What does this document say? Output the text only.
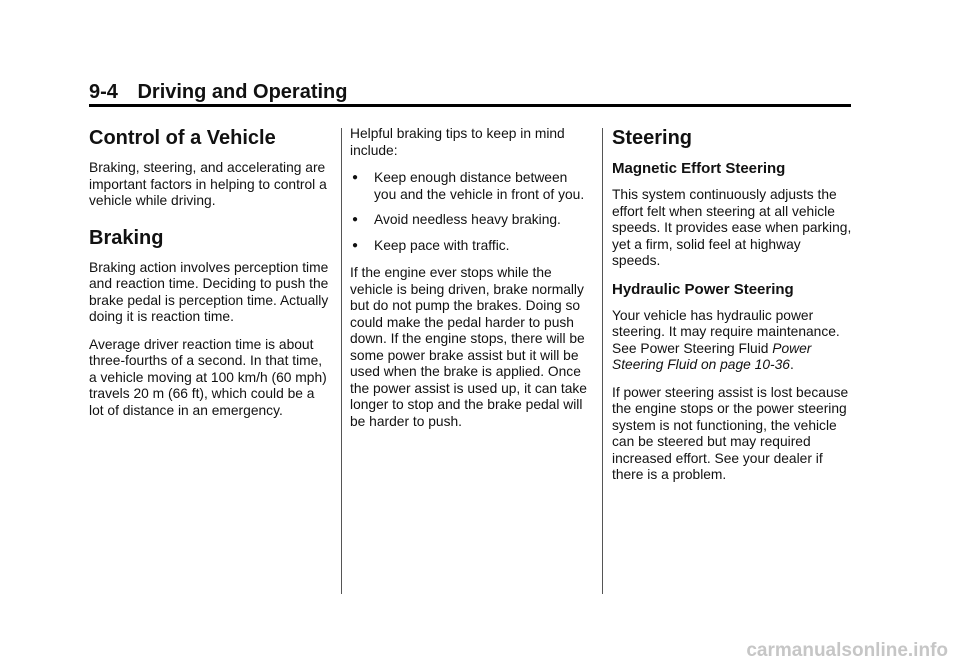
9-4 Driving and Operating
Control of a Vehicle

Braking, steering, and accelerating are important factors in helping to control a vehicle while driving.

Braking

Braking action involves perception time and reaction time. Deciding to push the brake pedal is perception time. Actually doing it is reaction time.

Average driver reaction time is about three-fourths of a second. In that time, a vehicle moving at 100 km/h (60 mph) travels 20 m (66 ft), which could be a lot of distance in an emergency.

Helpful braking tips to keep in mind include:

● Keep enough distance between you and the vehicle in front of you.
● Avoid needless heavy braking.
● Keep pace with traffic.

If the engine ever stops while the vehicle is being driven, brake normally but do not pump the brakes. Doing so could make the pedal harder to push down. If the engine stops, there will be some power brake assist but it will be used when the brake is applied. Once the power assist is used up, it can take longer to stop and the brake pedal will be harder to push.

Steering
Magnetic Effort Steering

This system continuously adjusts the effort felt when steering at all vehicle speeds. It provides ease when parking, yet a firm, solid feel at highway speeds.

Hydraulic Power Steering

Your vehicle has hydraulic power steering. It may require maintenance. See Power Steering Fluid Power Steering Fluid on page 10-36.

If power steering assist is lost because the engine stops or the power steering system is not functioning, the vehicle can be steered but may required increased effort. See your dealer if there is a problem.

carmanualsonline.info
